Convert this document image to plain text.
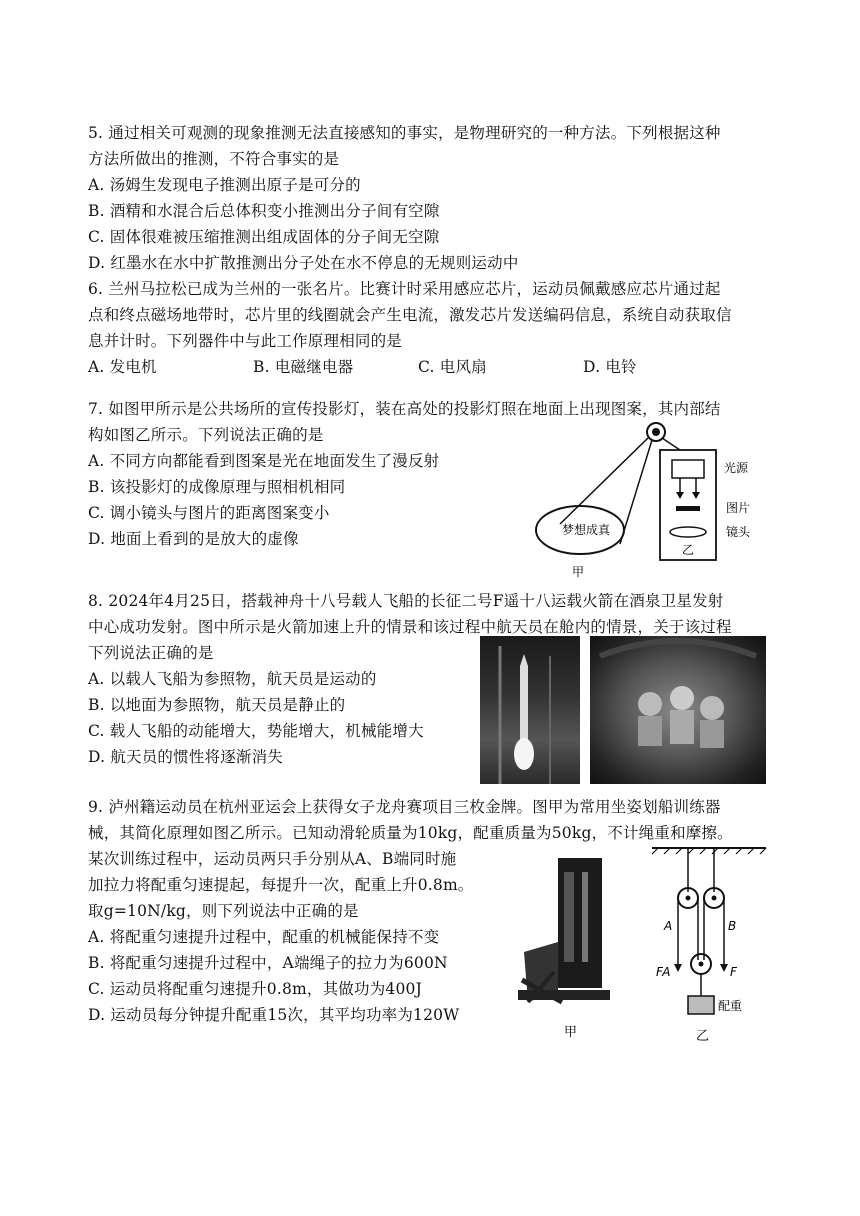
5. 通过相关可观测的现象推测无法直接感知的事实，是物理研究的一种方法。下列根据这种
方法所做出的推测，不符合事实的是
A. 汤姆生发现电子推测出原子是可分的
B. 酒精和水混合后总体积变小推测出分子间有空隙
C. 固体很难被压缩推测出组成固体的分子间无空隙
D. 红墨水在水中扩散推测出分子处在水不停息的无规则运动中
6. 兰州马拉松已成为兰州的一张名片。比赛计时采用感应芯片，运动员佩戴感应芯片通过起
点和终点磁场地带时，芯片里的线圈就会产生电流，激发芯片发送编码信息，系统自动获取信
息并计时。下列器件中与此工作原理相同的是
A. 发电机	B. 电磁继电器	C. 电风扇	D. 电铃
7. 如图甲所示是公共场所的宣传投影灯，装在高处的投影灯照在地面上出现图案，其内部结
构如图乙所示。下列说法正确的是
A. 不同方向都能看到图案是光在地面发生了漫反射
B. 该投影灯的成像原理与照相机相同
C. 调小镜头与图片的距离图案变小
D. 地面上看到的是放大的虚像	梦想成真
甲
乙
光源
图片
镜头
8. 2024年4月25日，搭载神舟十八号载人飞船的长征二号F遥十八运载火箭在酒泉卫星发射
中心成功发射。图中所示是火箭加速上升的情景和该过程中航天员在舱内的情景，关于该过程
下列说法正确的是
A. 以载人飞船为参照物，航天员是运动的
B. 以地面为参照物，航天员是静止的
C. 载人飞船的动能增大，势能增大，机械能增大
D. 航天员的惯性将逐渐消失
9. 泸州籍运动员在杭州亚运会上获得女子龙舟赛项目三枚金牌。图甲为常用坐姿划船训练器
械，其简化原理如图乙所示。已知动滑轮质量为10kg，配重质量为50kg，不计绳重和摩擦。
某次训练过程中，运动员两只手分别从A、B端同时施
加拉力将配重匀速提起，每提升一次，配重上升0.8m。
取g=10N/kg，则下列说法中正确的是
A. 将配重匀速提升过程中，配重的机械能保持不变
B. 将配重匀速提升过程中，A端绳子的拉力为600N
C. 运动员将配重匀速提升0.8m，其做功为400J
D. 运动员每分钟提升配重15次，其平均功率为120W
甲
A	B
FA	F
配重
乙
